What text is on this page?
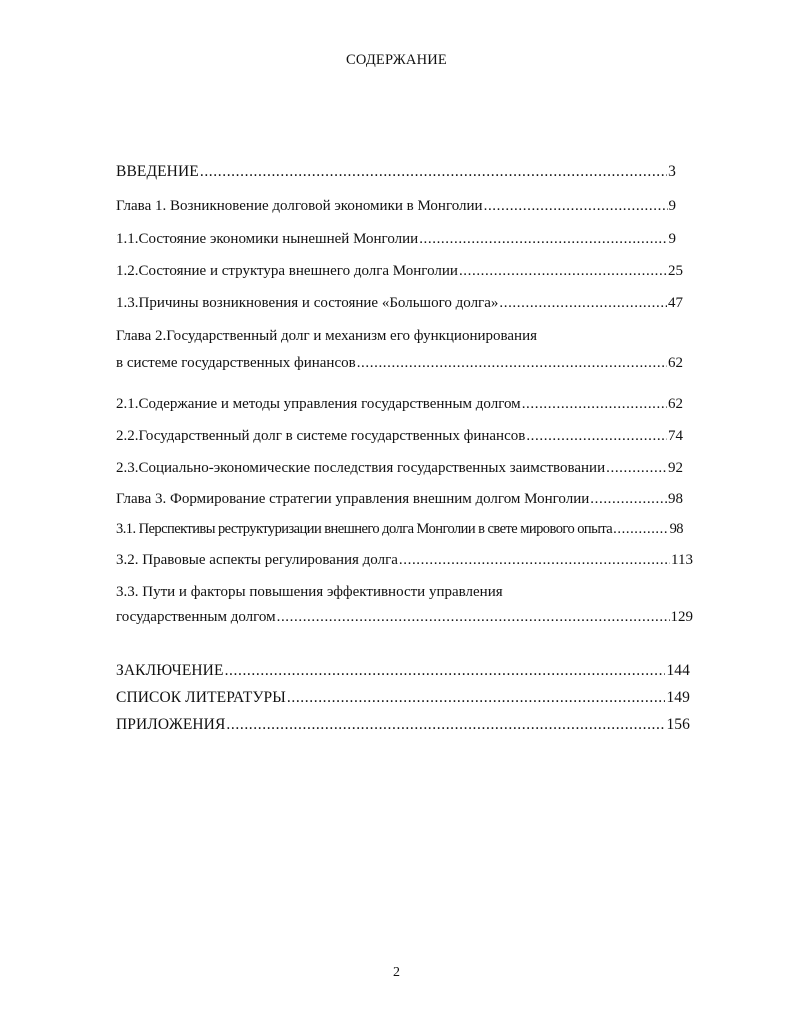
СОДЕРЖАНИЕ
ВВЕДЕНИЕ .....	3
Глава 1. Возникновение долговой экономики в Монголии .....	9
1.1.Состояние экономики нынешней Монголии .....	9
1.2.Состояние и структура внешнего долга Монголии .....	25
1.3.Причины возникновения и состояние «Большого долга» .....	47
Глава 2.Государственный долг и механизм его функционирования
в системе государственных финансов .....	62
2.1.Содержание и методы управления государственным долгом .....	62
2.2.Государственный долг в системе государственных финансов .....	74
2.3.Социально-экономические последствия государственных заимствовании .....	92
Глава 3. Формирование стратегии управления внешним долгом Монголии .....	98
3.1. Перспективы реструктуризации внешнего долга Монголии в свете мирового опыта .....	98
3.2. Правовые аспекты регулирования долга .....	113
3.3. Пути и факторы повышения эффективности управления
государственным долгом .....	129
ЗАКЛЮЧЕНИЕ .....	144
СПИСОК ЛИТЕРАТУРЫ .....	149
ПРИЛОЖЕНИЯ .....	156
2
